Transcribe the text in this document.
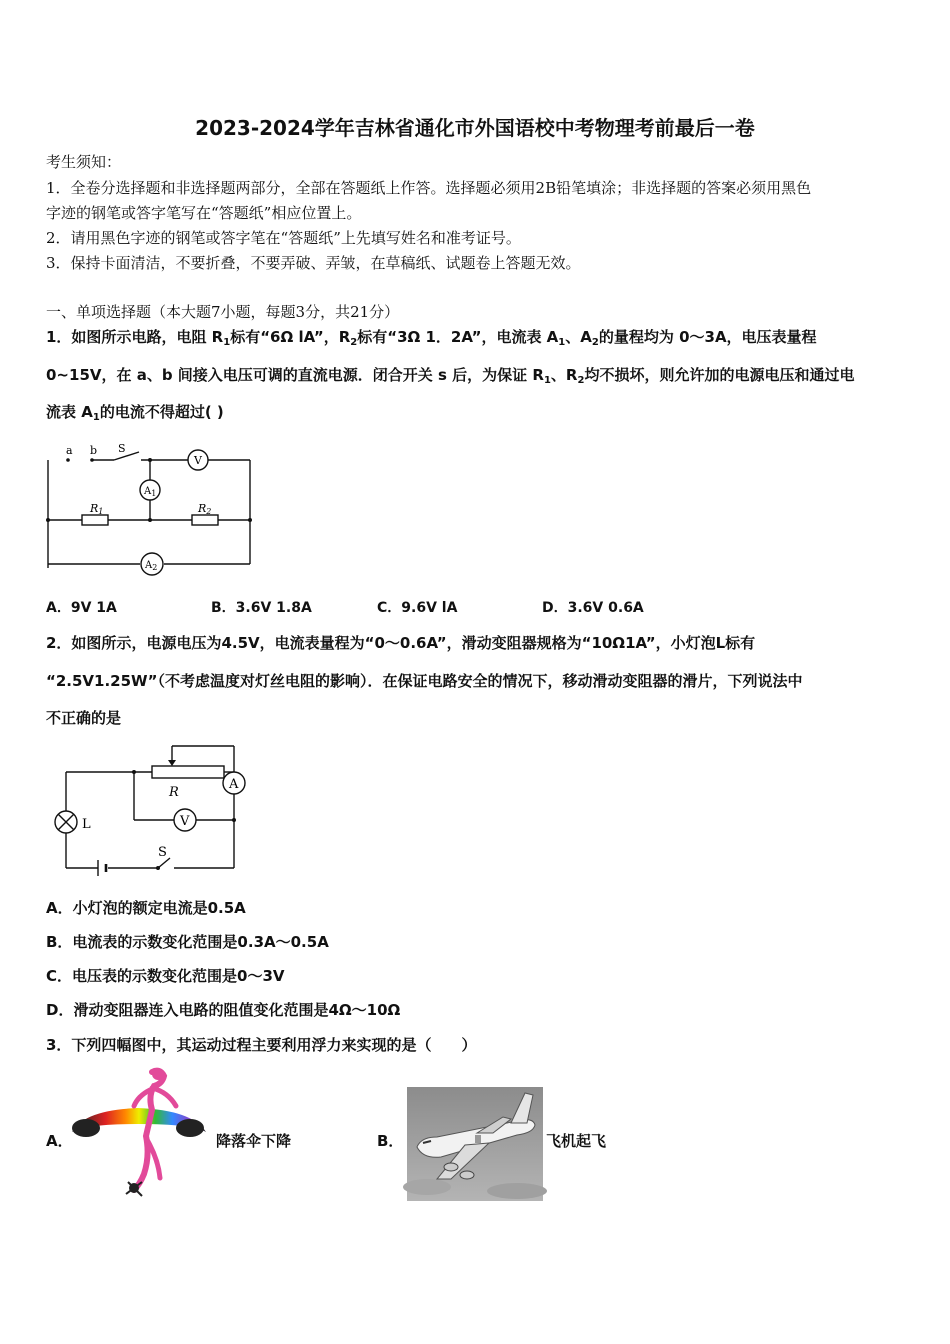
2023-2024学年吉林省通化市外国语校中考物理考前最后一卷
考生须知：
1．全卷分选择题和非选择题两部分，全部在答题纸上作答。选择题必须用2B铅笔填涂；非选择题的答案必须用黑色
字迹的钢笔或答字笔写在“答题纸”相应位置上。
2．请用黑色字迹的钢笔或答字笔在“答题纸”上先填写姓名和准考证号。
3．保持卡面清洁，不要折叠，不要弄破、弄皱，在草稿纸、试题卷上答题无效。
一、单项选择题（本大题7小题，每题3分，共21分）
1．如图所示电路，电阻 $R_1$标有“6Ω lA”，$R_2$标有“3Ω 1．2A”，电流表 $A_1$、$A_2$的量程均为 0～3A，电压表量程
0~15V，在 a、b 间接入电压可调的直流电源．闭合开关 s 后，为保证 $R_1$、$R_2$均不损坏，则允许加的电源电压和通过电
流表 $A_1$的电流不得超过( )
a b S
V
$A_1$
$A_2$
R1	R2
A．9V 1A	B．3.6V 1.8A	C．9.6V lA	D．3.6V 0.6A
2．如图所示，电源电压为4.5V，电流表量程为“0～0.6A”，滑动变阻器规格为“10Ω1A”，小灯泡L标有
“2.5V1.25W”（不考虑温度对灯丝电阻的影响）．在保证电路安全的情况下，移动滑动变阻器的滑片，下列说法中
不正确的是
R
A
V
L
S
A．小灯泡的额定电流是0.5A
B．电流表的示数变化范围是0.3A～0.5A
C．电压表的示数变化范围是0～3V
D．滑动变阻器连入电路的阻值变化范围是4Ω～10Ω
3．下列四幅图中，其运动过程主要利用浮力来实现的是（　　）
A．	降落伞下降	B．	飞机起飞
